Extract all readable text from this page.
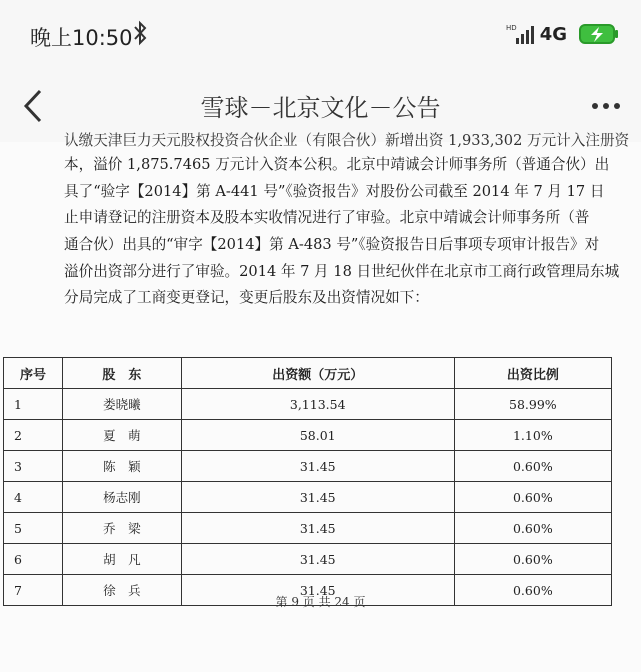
晚上10:50	HD 4G
雪球－北京文化－公告
认缴天津巨力天元股权投资合伙企业（有限合伙）新增出资 1,933,302 万元计入注册资
本，溢价 1,875.7465 万元计入资本公积。北京中靖诚会计师事务所（普通合伙）出
具了“验字【2014】第 A-441 号”《验资报告》对股份公司截至 2014 年 7 月 17 日
止申请登记的注册资本及股本实收情况进行了审验。北京中靖诚会计师事务所（普
通合伙）出具的“审字【2014】第 A-483 号”《验资报告日后事项专项审计报告》对
溢价出资部分进行了审验。2014 年 7 月 18 日世纪伙伴在北京市工商行政管理局东城
分局完成了工商变更登记，变更后股东及出资情况如下：
序号	股　东	出资额（万元）	出资比例
1	娄晓曦	3,113.54	58.99%
2	夏　萌	58.01	1.10%
3	陈　颖	31.45	0.60%
4	杨志刚	31.45	0.60%
5	乔　梁	31.45	0.60%
6	胡　凡	31.45	0.60%
7	徐　兵	31.45	0.60%
第 9 页 共 24 页
